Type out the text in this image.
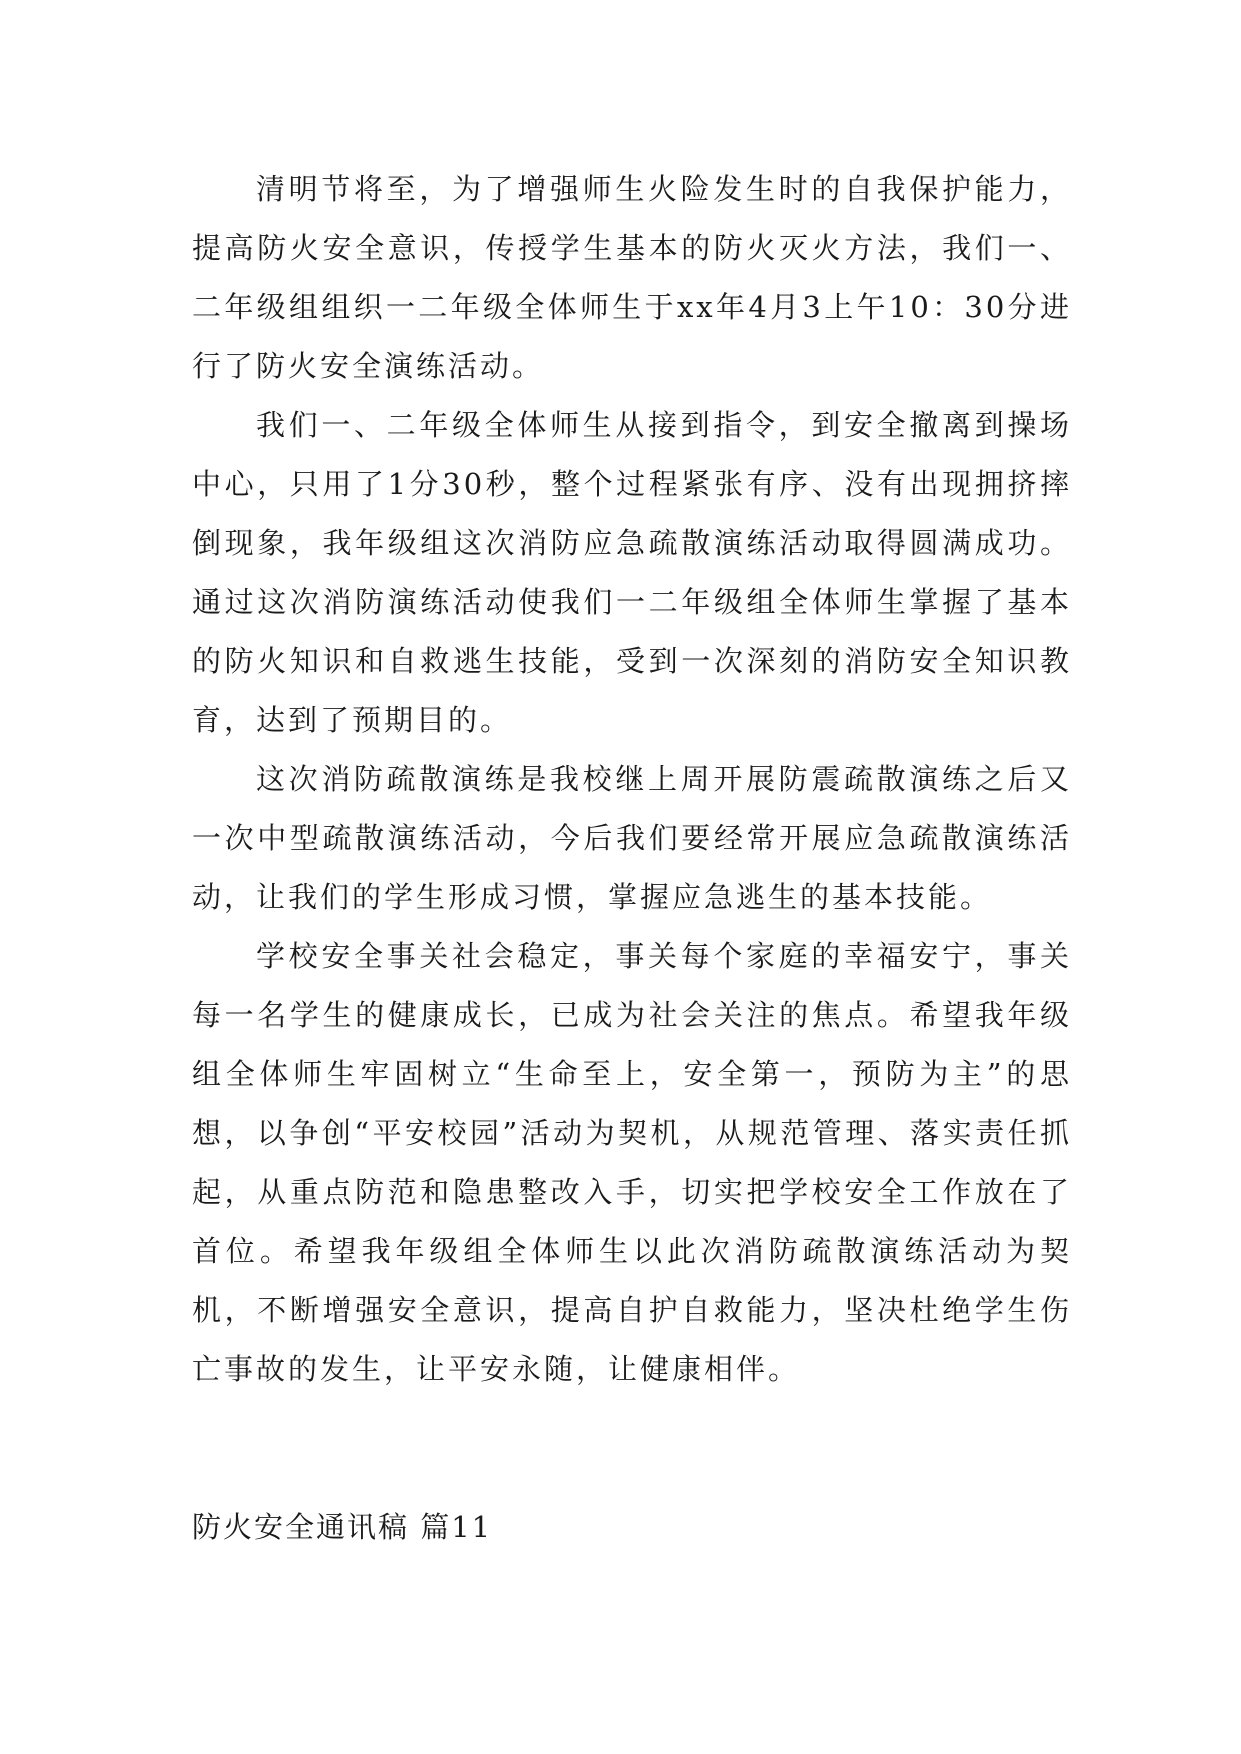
清明节将至，为了增强师生火险发生时的自我保护能力，提高防火安全意识，传授学生基本的防火灭火方法，我们一、二年级组组织一二年级全体师生于xx年4月3上午10：30分进行了防火安全演练活动。

我们一、二年级全体师生从接到指令，到安全撤离到操场中心，只用了1分30秒，整个过程紧张有序、没有出现拥挤摔倒现象，我年级组这次消防应急疏散演练活动取得圆满成功。通过这次消防演练活动使我们一二年级组全体师生掌握了基本的防火知识和自救逃生技能，受到一次深刻的消防安全知识教育，达到了预期目的。

这次消防疏散演练是我校继上周开展防震疏散演练之后又一次中型疏散演练活动，今后我们要经常开展应急疏散演练活动，让我们的学生形成习惯，掌握应急逃生的基本技能。

学校安全事关社会稳定，事关每个家庭的幸福安宁，事关每一名学生的健康成长，已成为社会关注的焦点。希望我年级组全体师生牢固树立“生命至上，安全第一，预防为主”的思想，以争创“平安校园”活动为契机，从规范管理、落实责任抓起，从重点防范和隐患整改入手，切实把学校安全工作放在了首位。希望我年级组全体师生以此次消防疏散演练活动为契机，不断增强安全意识，提高自护自救能力，坚决杜绝学生伤亡事故的发生，让平安永随，让健康相伴。

防火安全通讯稿 篇11
